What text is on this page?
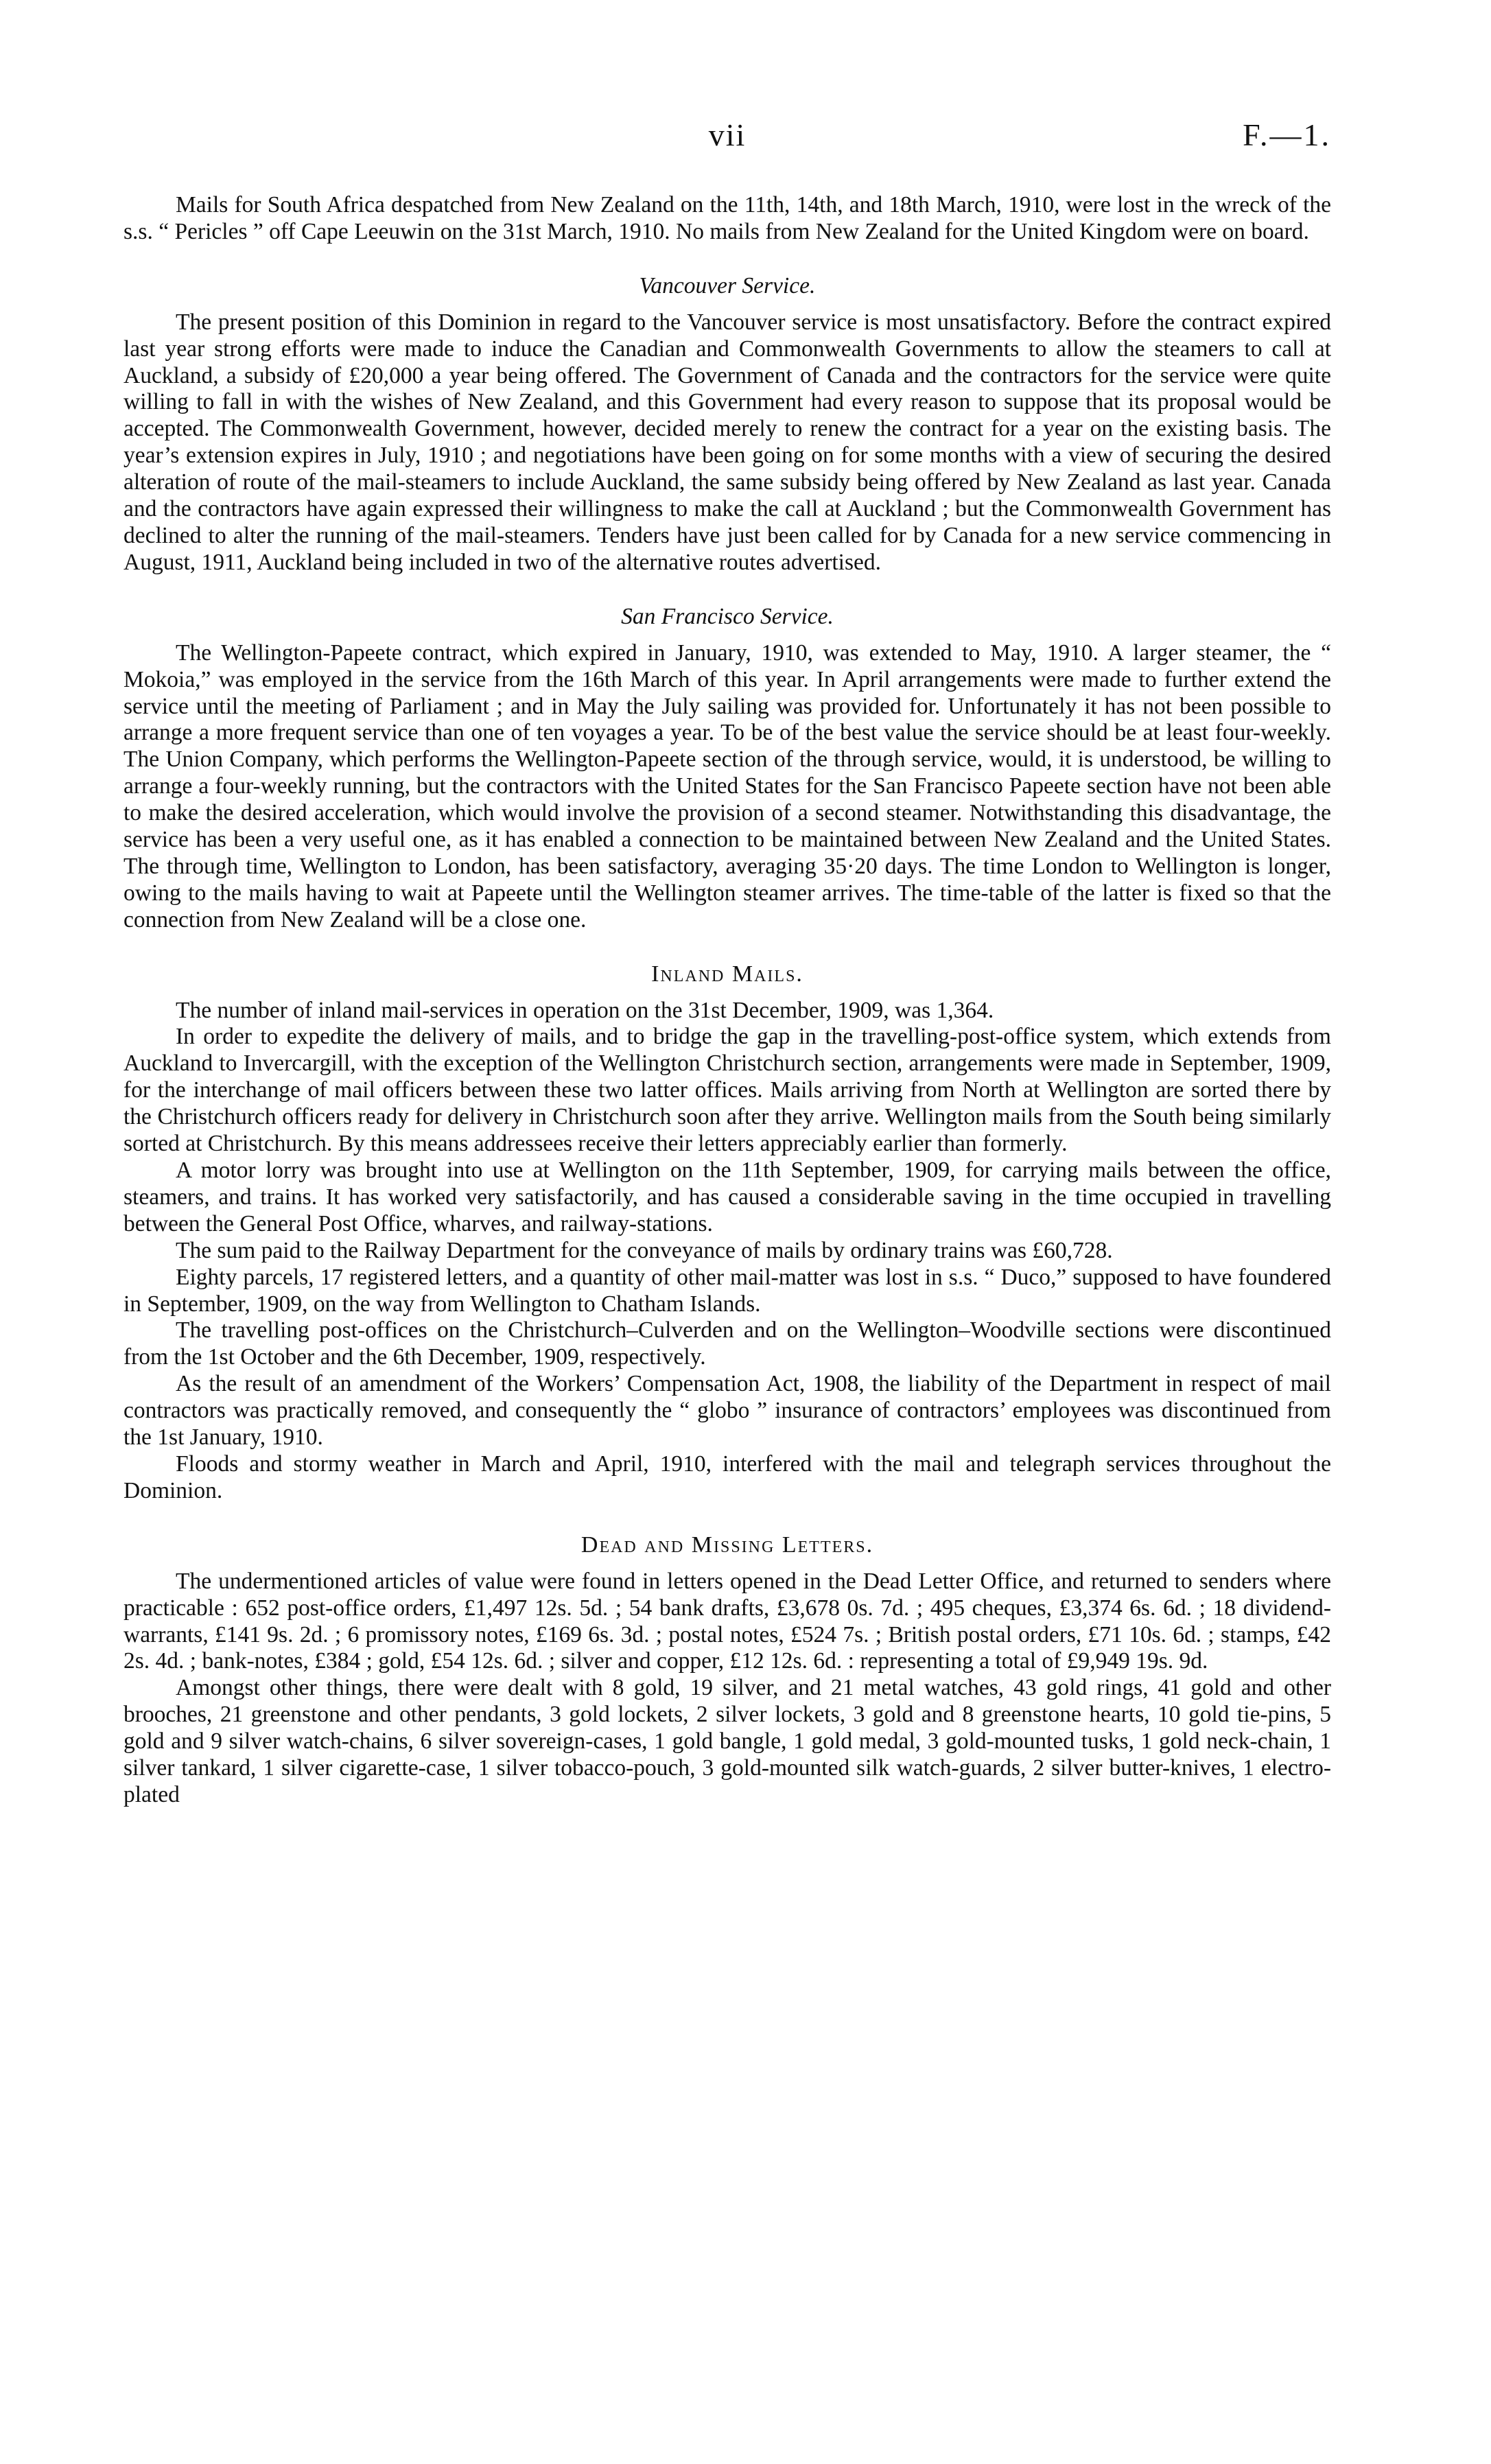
vii	F.—1.

Mails for South Africa despatched from New Zealand on the 11th, 14th, and 18th March, 1910, were lost in the wreck of the s.s. “ Pericles ” off Cape Leeuwin on the 31st March, 1910. No mails from New Zealand for the United Kingdom were on board.

Vancouver Service.

The present position of this Dominion in regard to the Vancouver service is most unsatisfactory. Before the contract expired last year strong efforts were made to induce the Canadian and Commonwealth Governments to allow the steamers to call at Auckland, a subsidy of £20,000 a year being offered. The Government of Canada and the contractors for the service were quite willing to fall in with the wishes of New Zealand, and this Government had every reason to suppose that its proposal would be accepted. The Commonwealth Government, however, decided merely to renew the contract for a year on the existing basis. The year’s extension expires in July, 1910 ; and negotiations have been going on for some months with a view of securing the desired alteration of route of the mail-steamers to include Auckland, the same subsidy being offered by New Zealand as last year. Canada and the contractors have again expressed their willingness to make the call at Auckland ; but the Commonwealth Government has declined to alter the running of the mail-steamers. Tenders have just been called for by Canada for a new service commencing in August, 1911, Auckland being included in two of the alternative routes advertised.

San Francisco Service.

The Wellington-Papeete contract, which expired in January, 1910, was extended to May, 1910. A larger steamer, the “ Mokoia,” was employed in the service from the 16th March of this year. In April arrangements were made to further extend the service until the meeting of Parliament ; and in May the July sailing was provided for. Unfortunately it has not been possible to arrange a more frequent service than one of ten voyages a year. To be of the best value the service should be at least four-weekly. The Union Company, which performs the Wellington-Papeete section of the through service, would, it is understood, be willing to arrange a four-weekly running, but the contractors with the United States for the San Francisco Papeete section have not been able to make the desired acceleration, which would involve the provision of a second steamer. Notwithstanding this disadvantage, the service has been a very useful one, as it has enabled a connection to be maintained between New Zealand and the United States. The through time, Wellington to London, has been satisfactory, averaging 35·20 days. The time London to Wellington is longer, owing to the mails having to wait at Papeete until the Wellington steamer arrives. The time-table of the latter is fixed so that the connection from New Zealand will be a close one.

Inland Mails.

The number of inland mail-services in operation on the 31st December, 1909, was 1,364.

In order to expedite the delivery of mails, and to bridge the gap in the travelling-post-office system, which extends from Auckland to Invercargill, with the exception of the Wellington Christchurch section, arrangements were made in September, 1909, for the interchange of mail officers between these two latter offices. Mails arriving from North at Wellington are sorted there by the Christchurch officers ready for delivery in Christchurch soon after they arrive. Wellington mails from the South being similarly sorted at Christchurch. By this means addressees receive their letters appreciably earlier than formerly.

A motor lorry was brought into use at Wellington on the 11th September, 1909, for carrying mails between the office, steamers, and trains. It has worked very satisfactorily, and has caused a considerable saving in the time occupied in travelling between the General Post Office, wharves, and railway-stations.

The sum paid to the Railway Department for the conveyance of mails by ordinary trains was £60,728.

Eighty parcels, 17 registered letters, and a quantity of other mail-matter was lost in s.s. “ Duco,” supposed to have foundered in September, 1909, on the way from Wellington to Chatham Islands.

The travelling post-offices on the Christchurch–Culverden and on the Wellington–Woodville sections were discontinued from the 1st October and the 6th December, 1909, respectively.

As the result of an amendment of the Workers’ Compensation Act, 1908, the liability of the Department in respect of mail contractors was practically removed, and consequently the “ globo ” insurance of contractors’ employees was discontinued from the 1st January, 1910.

Floods and stormy weather in March and April, 1910, interfered with the mail and telegraph services throughout the Dominion.

Dead and Missing Letters.

The undermentioned articles of value were found in letters opened in the Dead Letter Office, and returned to senders where practicable : 652 post-office orders, £1,497 12s. 5d. ; 54 bank drafts, £3,678 0s. 7d. ; 495 cheques, £3,374 6s. 6d. ; 18 dividend-warrants, £141 9s. 2d. ; 6 promissory notes, £169 6s. 3d. ; postal notes, £524 7s. ; British postal orders, £71 10s. 6d. ; stamps, £42 2s. 4d. ; bank-notes, £384 ; gold, £54 12s. 6d. ; silver and copper, £12 12s. 6d. : representing a total of £9,949 19s. 9d.

Amongst other things, there were dealt with 8 gold, 19 silver, and 21 metal watches, 43 gold rings, 41 gold and other brooches, 21 greenstone and other pendants, 3 gold lockets, 2 silver lockets, 3 gold and 8 greenstone hearts, 10 gold tie-pins, 5 gold and 9 silver watch-chains, 6 silver sovereign-cases, 1 gold bangle, 1 gold medal, 3 gold-mounted tusks, 1 gold neck-chain, 1 silver tankard, 1 silver cigarette-case, 1 silver tobacco-pouch, 3 gold-mounted silk watch-guards, 2 silver butter-knives, 1 electro-plated
